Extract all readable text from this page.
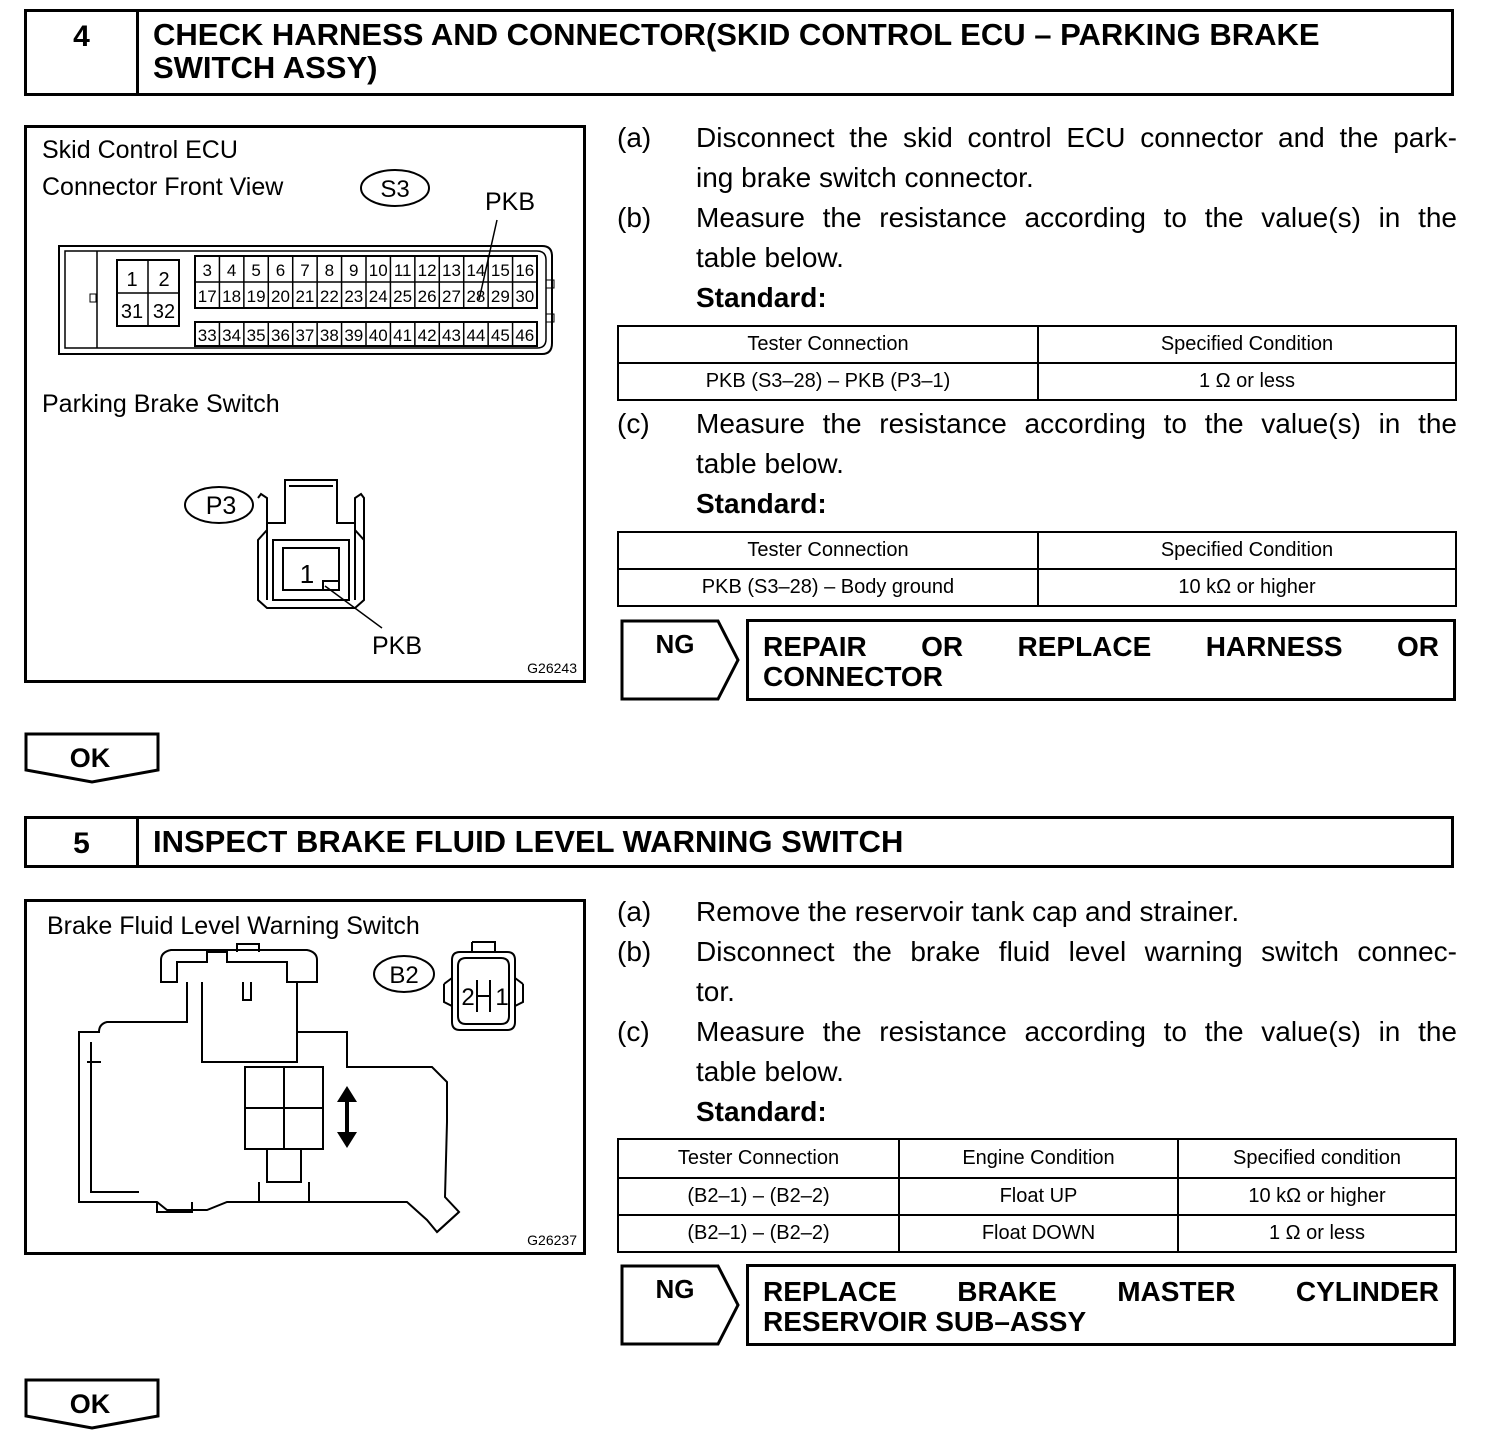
4	CHECK HARNESS AND CONNECTOR(SKID CONTROL ECU – PARKING BRAKE SWITCH ASSY)
Skid Control ECU
Connector Front View	S3	PKB
1 2
31 32
3 4 5 6 7 8 9 10 11 12 13 14 15 16
17 18 19 20 21 22 23 24 25 26 27 28 29 30
33 34 35 36 37 38 39 40 41 42 43 44 45 46
P3
1
PKB
G26243
Parking Brake Switch
(a)	Disconnect the skid control ECU connector and the park-
ing brake switch connector.
(b)	Measure the resistance according to the value(s) in the
table below.
Standard:
Tester Connection	Specified Condition
PKB (S3–28) – PKB (P3–1)	1 Ω or less
(c)	Measure the resistance according to the value(s) in the
table below.
Standard:
Tester Connection	Specified Condition
PKB (S3–28) – Body ground	10 kΩ or higher
NG REPAIR OR REPLACE HARNESS OR
CONNECTOR
OK
5	INSPECT BRAKE FLUID LEVEL WARNING SWITCH
Brake Fluid Level Warning Switch
B2
2 1
G26237
(a)	Remove the reservoir tank cap and strainer.
(b)	Disconnect the brake fluid level warning switch connec-
tor.
(c)	Measure the resistance according to the value(s) in the
table below.
Standard:
Tester Connection	Engine Condition	Specified condition
(B2–1) – (B2–2)	Float UP	10 kΩ or higher
(B2–1) – (B2–2)	Float DOWN	1 Ω or less
NG REPLACE BRAKE MASTER CYLINDER
RESERVOIR SUB–ASSY
OK
